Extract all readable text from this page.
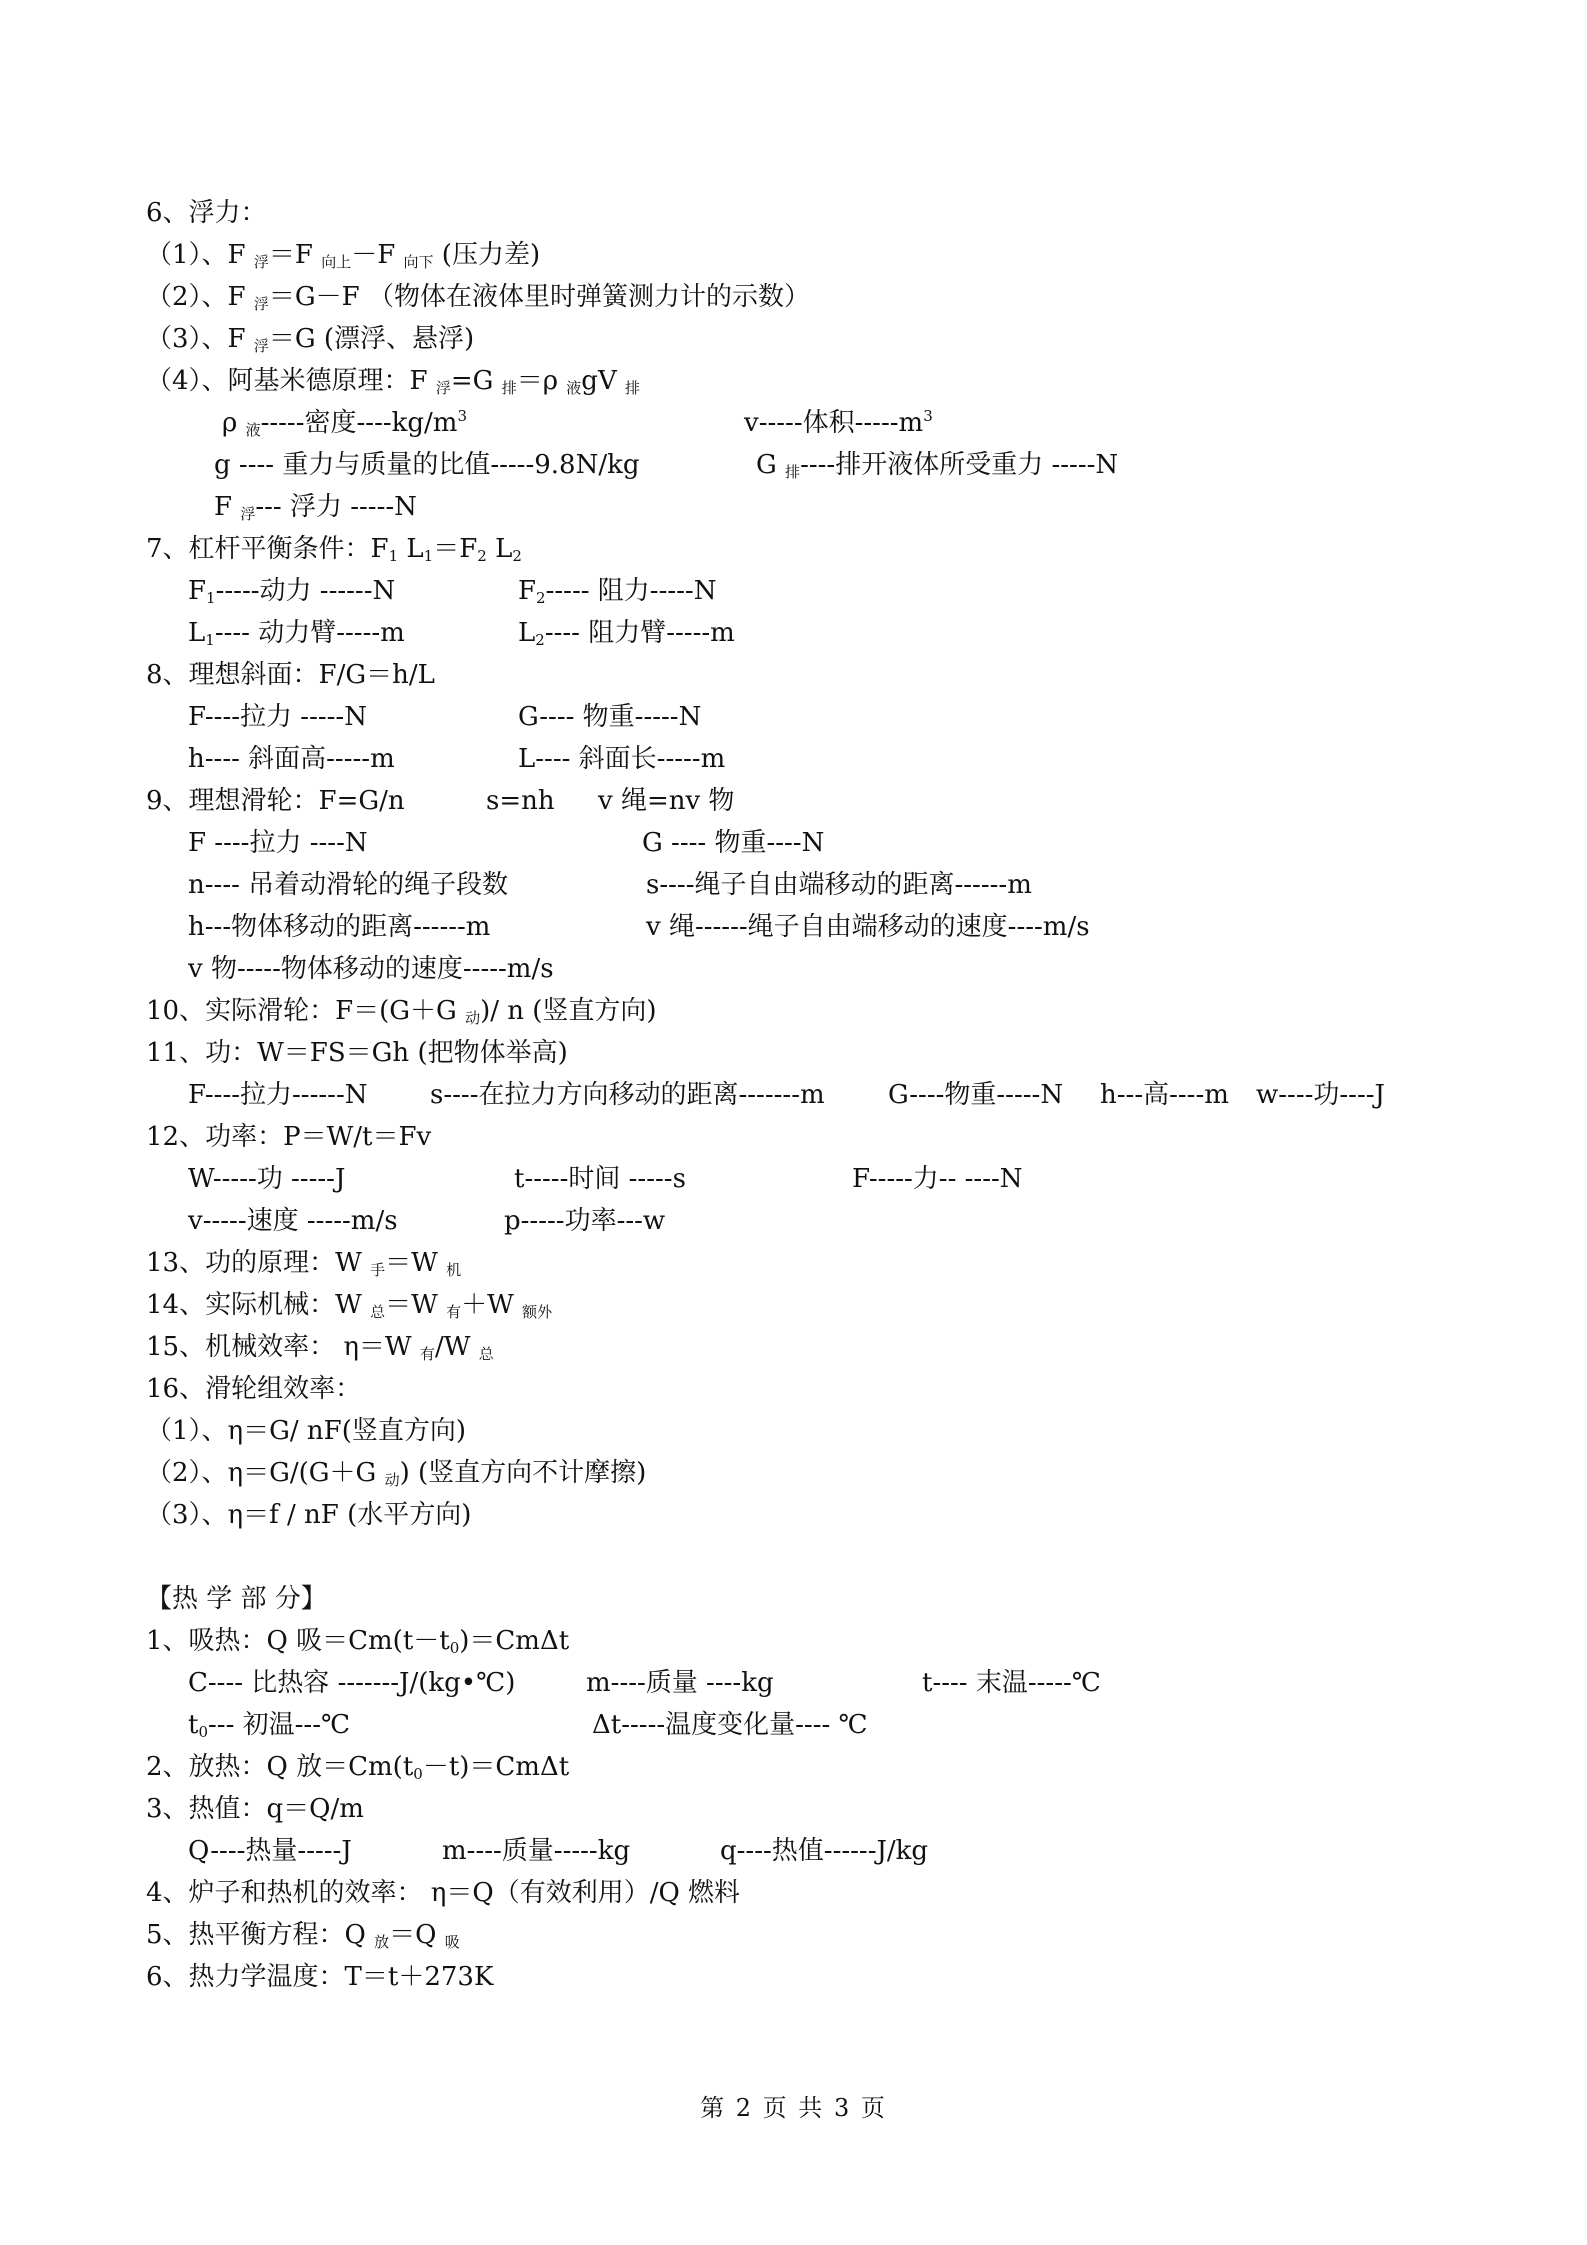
6、浮力：
（1）、F $_浮$＝F $_{向上}$－F $_{向下}$ (压力差)
（2）、F $_浮$＝G－F （物体在液体里时弹簧测力计的示数）
（3）、F $_浮$＝G (漂浮、悬浮)
（4）、阿基米德原理：F $_浮$=G $_排$＝ρ $_液$gV $_排$
ρ $_液$-----密度$----kg/m^3$	v-----体积$-----m^3$
g ---- 重力与质量的比值-----9.8N/kg	G $_排$----排开液体所受重力 -----N
F $_浮$--- 浮力 -----N
7、杠杆平衡条件：$F_1$ $L_1=F_2$ $L_2$
$F_1-----$动力 ------N	$F_2-----$ 阻力-----N
$L_1----$ 动力臂-----m	$L_2----$ 阻力臂-----m
8、理想斜面：F/G＝h/L
F----拉力 -----N	G---- 物重-----N
h---- 斜面高-----m	L---- 斜面长-----m
9、理想滑轮：F=G/n	s=nh v 绳=nv 物
F ----拉力 ----N	G ---- 物重----N
n---- 吊着动滑轮的绳子段数	s----绳子自由端移动的距离------m
h---物体移动的距离------m	v 绳------绳子自由端移动的速度----m/s
v 物-----物体移动的速度-----m/s
10、实际滑轮：F＝(G＋G $_动$)/ n (竖直方向)
11、功：W＝FS＝Gh (把物体举高)
F----拉力------N s----在拉力方向移动的距离-------m G----物重-----N h---高----m w----功----J
12、功率：P＝W/t＝Fv
W-----功 -----J	t-----时间 -----s	F-----力-- ----N
v-----速度 -----m/s	p-----功率---w
13、功的原理：W $_手$＝W $_机$
14、实际机械：W $_总$＝W $_有$＋W $_{额外}$
15、机械效率： η＝W $_有$/W $_总$
16、滑轮组效率：
（1）、η＝G/ nF(竖直方向)
（2）、η＝G/(G＋G $_动$) (竖直方向不计摩擦)
（3）、η＝f / nF (水平方向)
【热 学 部 分】
1、吸热：Q 吸$=Cm(t-t_0)=Cm\Delta t$
C---- 比热容 -------J/(kg•℃)	m----质量 ----kg	t---- 末温-----℃
$t_0---$ 初温---℃	Δt-----温度变化量---- ℃
2、放热：Q 放$=Cm(t_0-t)=Cm\Delta t$
3、热值：q＝Q/m
Q----热量-----J	m----质量-----kg	q----热值------J/kg
4、炉子和热机的效率： η＝Q（有效利用）/Q 燃料
5、热平衡方程：Q $_放$＝Q $_吸$
6、热力学温度：T＝t＋273K
第 2 页 共 3 页
